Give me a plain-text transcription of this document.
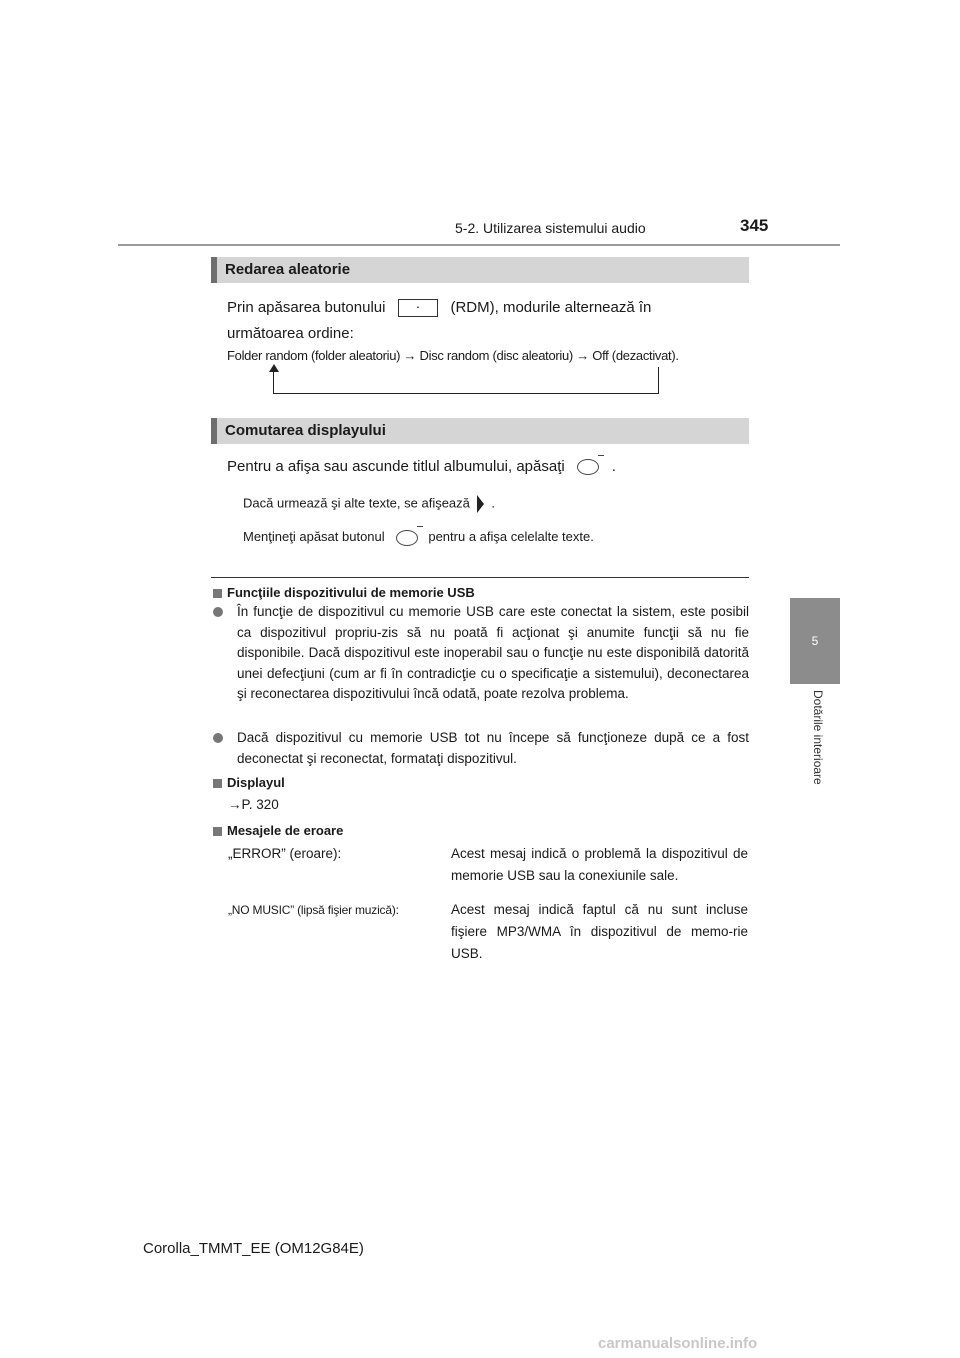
5-2. Utilizarea sistemului audio	345
5
Dotările interioare
Redarea aleatorie
Prin apăsarea butonului · (RDM), modurile alternează în
următoarea ordine:
Folder random (folder aleatoriu) → Disc random (disc aleatoriu) → Off (dezactivat).
Comutarea displayului
Pentru a afişa sau ascunde titlul albumului, apăsaţi	.
Dacă urmează şi alte texte, se afişează .
Menţineţi apăsat butonul	pentru a afişa celelalte texte.
Funcţiile dispozitivului de memorie USB
În funcţie de dispozitivul cu memorie USB care este conectat la sistem, este posibil ca dispozitivul propriu-zis să nu poată fi acţionat şi anumite funcţii să nu fie disponibile. Dacă dispozitivul este inoperabil sau o funcţie nu este disponibilă datorită unei defecţiuni (cum ar fi în contradicţie cu o specificaţie a sistemului), deconectarea şi reconectarea dispozitivului încă odată, poate rezolva problema.
Dacă dispozitivul cu memorie USB tot nu începe să funcţioneze după ce a fost deconectat şi reconectat, formataţi dispozitivul.
Displayul
→P. 320
Mesajele de eroare
„ERROR” (eroare):	Acest mesaj indică o problemă la dispozitivul de memorie USB sau la conexiunile sale.
„NO MUSIC” (lipsă fişier muzică):	Acest mesaj indică faptul că nu sunt incluse fişiere MP3/WMA în dispozitivul de memo-rie USB.
Corolla_TMMT_EE (OM12G84E)
carmanualsonline.info
